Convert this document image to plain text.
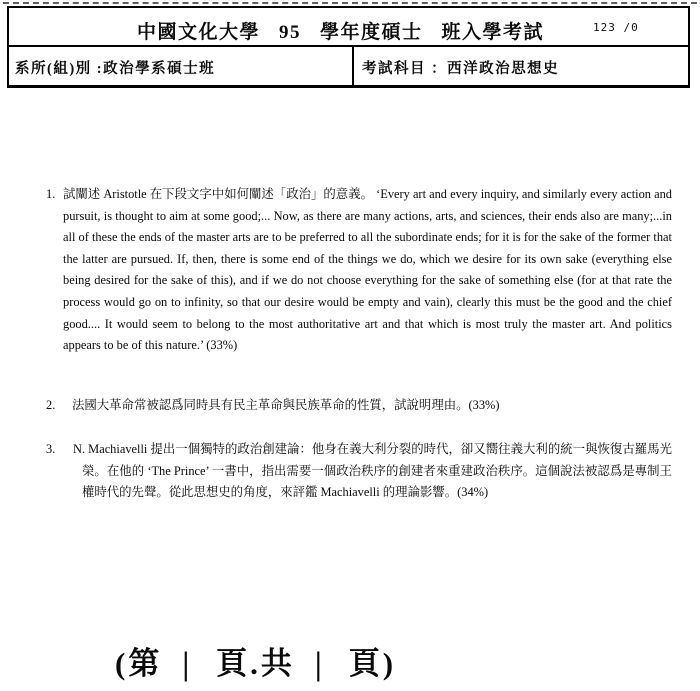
中國文化大學 95 學年度碩士 班入學考試	123 ∕0
系所(組)別 :政治學系碩士班	考試科目 ：西洋政治思想史
1. 試闡述 Aristotle 在下段文字中如何闡述「政治」的意義。 ‘Every art and every inquiry, and similarly every action and pursuit, is thought to aim at some good;... Now, as there are many actions, arts, and sciences, their ends also are many;...in all of these the ends of the master arts are to be preferred to all the subordinate ends; for it is for the sake of the former that the latter are pursued. If, then, there is some end of the things we do, which we desire for its own sake (everything else being desired for the sake of this), and if we do not choose everything for the sake of something else (for at that rate the process would go on to infinity, so that our desire would be empty and vain), clearly this must be the good and the chief good.... It would seem to belong to the most authoritative art and that which is most truly the master art. And politics appears to be of this nature.’ (33%)
2. 法國大革命常被認爲同時具有民主革命與民族革命的性質，試說明理由。(33%)
3. N. Machiavelli 提出一個獨特的政治創建論：他身在義大利分裂的時代，卻又嚮往義大利的統一與恢復古羅馬光榮。在他的 ‘The Prince’ 一書中，指出需要一個政治秩序的創建者來重建政治秩序。這個說法被認爲是專制王權時代的先聲。從此思想史的角度，來評鑑 Machiavelli 的理論影響。(34%)
(第 | 頁.共 | 頁)
